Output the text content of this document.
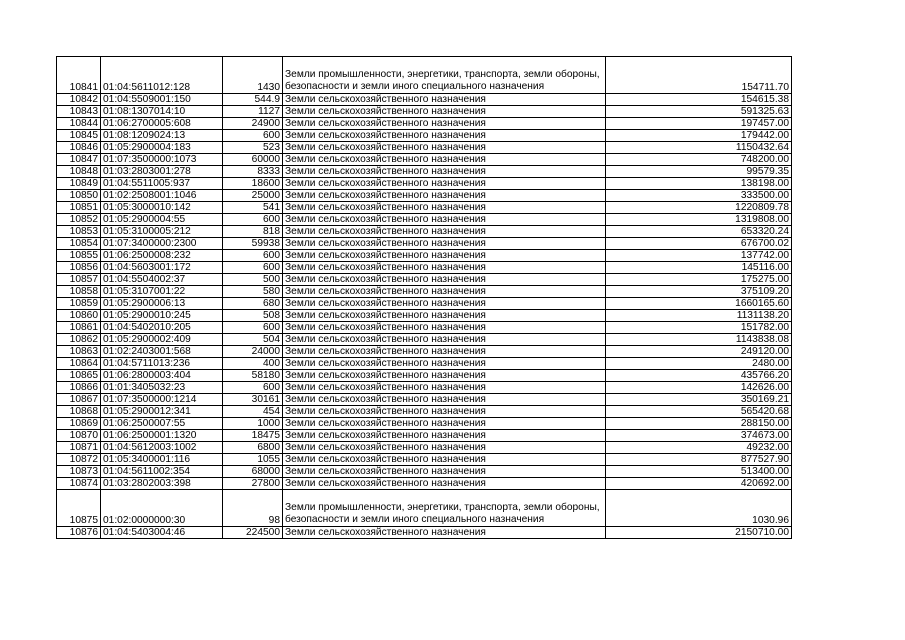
10841	01:04:5611012:128	1430	Земли промышленности, энергетики, транспорта, земли обороны, безопасности и земли иного специального назначения	154711.70
10842	01:04:5509001:150	544.9	Земли сельскохозяйственного назначения	154615.38
10843	01:08:1307014:10	1127	Земли сельскохозяйственного назначения	591325.63
10844	01:06:2700005:608	24900	Земли сельскохозяйственного назначения	197457.00
10845	01:08:1209024:13	600	Земли сельскохозяйственного назначения	179442.00
10846	01:05:2900004:183	523	Земли сельскохозяйственного назначения	1150432.64
10847	01:07:3500000:1073	60000	Земли сельскохозяйственного назначения	748200.00
10848	01:03:2803001:278	8333	Земли сельскохозяйственного назначения	99579.35
10849	01:04:5511005:937	18600	Земли сельскохозяйственного назначения	138198.00
10850	01:02:2508001:1046	25000	Земли сельскохозяйственного назначения	333500.00
10851	01:05:3000010:142	541	Земли сельскохозяйственного назначения	1220809.78
10852	01:05:2900004:55	600	Земли сельскохозяйственного назначения	1319808.00
10853	01:05:3100005:212	818	Земли сельскохозяйственного назначения	653320.24
10854	01:07:3400000:2300	59938	Земли сельскохозяйственного назначения	676700.02
10855	01:06:2500008:232	600	Земли сельскохозяйственного назначения	137742.00
10856	01:04:5603001:172	600	Земли сельскохозяйственного назначения	145116.00
10857	01:04:5504002:37	500	Земли сельскохозяйственного назначения	175275.00
10858	01:05:3107001:22	580	Земли сельскохозяйственного назначения	375109.20
10859	01:05:2900006:13	680	Земли сельскохозяйственного назначения	1660165.60
10860	01:05:2900010:245	508	Земли сельскохозяйственного назначения	1131138.20
10861	01:04:5402010:205	600	Земли сельскохозяйственного назначения	151782.00
10862	01:05:2900002:409	504	Земли сельскохозяйственного назначения	1143838.08
10863	01:02:2403001:568	24000	Земли сельскохозяйственного назначения	249120.00
10864	01:04:5711013:236	400	Земли сельскохозяйственного назначения	2480.00
10865	01:06:2800003:404	58180	Земли сельскохозяйственного назначения	435766.20
10866	01:01:3405032:23	600	Земли сельскохозяйственного назначения	142626.00
10867	01:07:3500000:1214	30161	Земли сельскохозяйственного назначения	350169.21
10868	01:05:2900012:341	454	Земли сельскохозяйственного назначения	565420.68
10869	01:06:2500007:55	1000	Земли сельскохозяйственного назначения	288150.00
10870	01:06:2500001:1320	18475	Земли сельскохозяйственного назначения	374673.00
10871	01:04:5612003:1002	6800	Земли сельскохозяйственного назначения	49232.00
10872	01:05:3400001:116	1055	Земли сельскохозяйственного назначения	877527.90
10873	01:04:5611002:354	68000	Земли сельскохозяйственного назначения	513400.00
10874	01:03:2802003:398	27800	Земли сельскохозяйственного назначения	420692.00
10875	01:02:0000000:30	98	Земли промышленности, энергетики, транспорта, земли обороны, безопасности и земли иного специального назначения	1030.96
10876	01:04:5403004:46	224500	Земли сельскохозяйственного назначения	2150710.00
